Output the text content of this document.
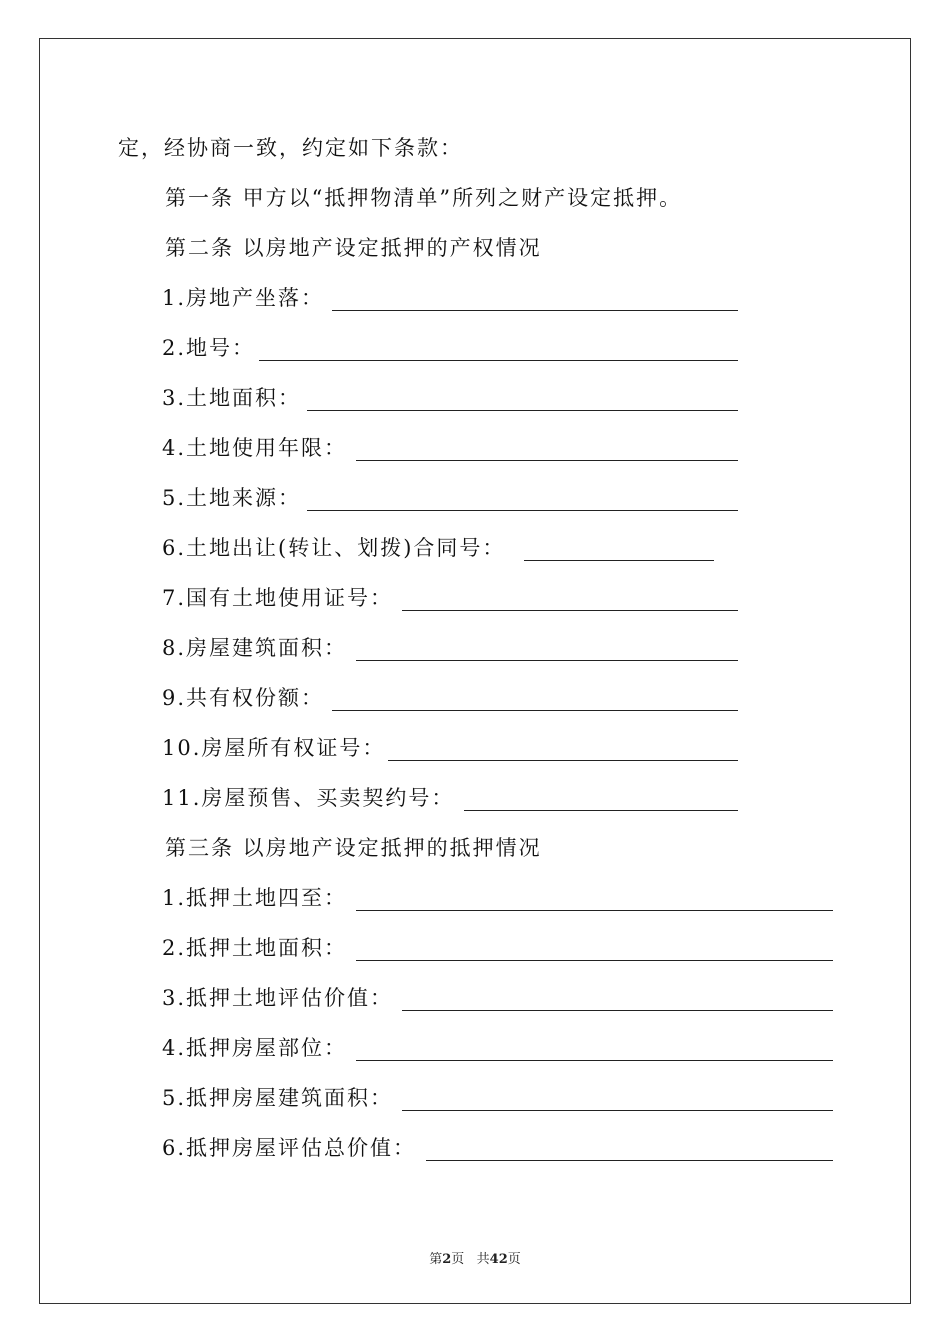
定，经协商一致，约定如下条款：
第一条 甲方以“抵押物清单”所列之财产设定抵押。
第二条 以房地产设定抵押的产权情况
1.房地产坐落：
2.地号：
3.土地面积：
4.土地使用年限：
5.土地来源：
6.土地出让(转让、划拨)合同号：
7.国有土地使用证号：
8.房屋建筑面积：
9.共有权份额：
10.房屋所有权证号：
11.房屋预售、买卖契约号：
第三条 以房地产设定抵押的抵押情况
1.抵押土地四至：
2.抵押土地面积：
3.抵押土地评估价值：
4.抵押房屋部位：
5.抵押房屋建筑面积：
6.抵押房屋评估总价值：
第2页   共42页
